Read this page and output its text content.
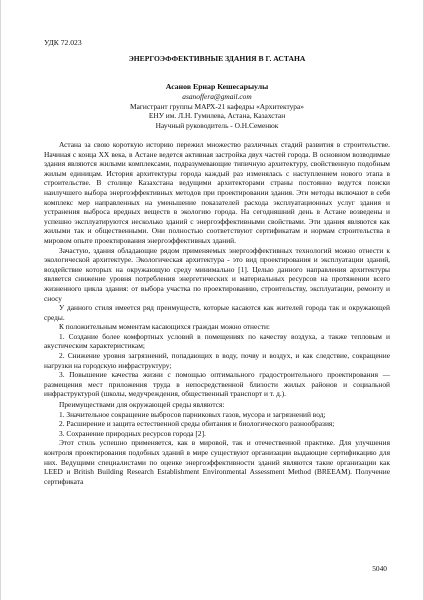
УДК 72.023
ЭНЕРГОЭФФЕКТИВНЫЕ ЗДАНИЯ В Г. АСТАНА
Асанов Ернар Кешесарыулы
asanoffera@gmail.com
Магистрант группы МАРХ-21 кафедры «Архитектура»
ЕНУ им. Л.Н. Гумилева, Астана, Казахстан
Научный руководитель - О.Н.Семенюк

Астана за свою короткую историю пережил множество различных стадий развития в строительстве. Начиная с конца XX века, в Астане ведется активная застройка двух частей города. В основном возводимые здания являются жилыми комплексами, подразумевающие типичную архитектуру, свойственную подобным жилым единицам. История архитектуры города каждый раз изменялась с наступлением нового этапа в строительстве. В столице Казахстана ведущими архитекторами страны постоянно ведутся поиски наилучшего выбора энергоэффективных методов при проектировании здания. Эти методы включают в себя комплекс мер направленных на уменьшение показателей расхода эксплуатационных услуг здания и устранения выброса вредных веществ в экологию города. На сегодняшний день в Астане возведены и успешно эксплуатируются несколько зданий с энергоэффективными свойствами. Эти здания являются как жилыми так и общественными. Они полностью соответствуют сертификатам и нормам строительства в мировом опыте проектирования энергоэффективных зданий.

Зачастую, здания обладающие рядом применяемых энергоэффективных технологий можно отнести к экологической архитектуре. Экологическая архитектура - это вид проектирования и эксплуатации зданий, воздействие которых на окружающую среду минимально [1]. Целью данного направления архитектуры является снижение уровня потребления энергетических и материальных ресурсов на протяжении всего жизненного цикла здания: от выбора участка по проектированию, строительству, эксплуатации, ремонту и сносу

У данного стиля имеется ряд преимуществ, которые касаются как жителей города так и окружающей среды.

К положительным моментам касающихся граждан можно отнести:

1. Создание более комфортных условий в помещениях по качеству воздуха, а также тепловым и акустическим характеристикам;

2. Снижение уровня загрязнений, попадающих в воду, почву и воздух, и как следствие, сокращение нагрузки на городскую инфраструктуру;

3. Повышение качества жизни с помощью оптимального градостроительного проектирования — размещения мест приложения труда в непосредственной близости жилых районов и социальной инфраструктурой (школы, медучреждения, общественный транспорт и т. д.).

Преимуществами для окружающей среды являются:

1. Значительное сокращение выбросов парниковых газов, мусора и загрязнений вод;

2. Расширение и защита естественной среды обитания и биологического разнообразия;

3. Сохранение природных ресурсов города [2].

Этот стиль успешно применяется, как в мировой, так и отечественной практике. Для улучшения контроля проектирования подобных зданий в мире существуют организации выдающие сертификацию для них. Ведущими специалистами по оценке энергоэффективности зданий являются такие организации как LEED и British Building Research Establishment Environmental Assessment Method (BREEAM). Получение сертификата

5040
